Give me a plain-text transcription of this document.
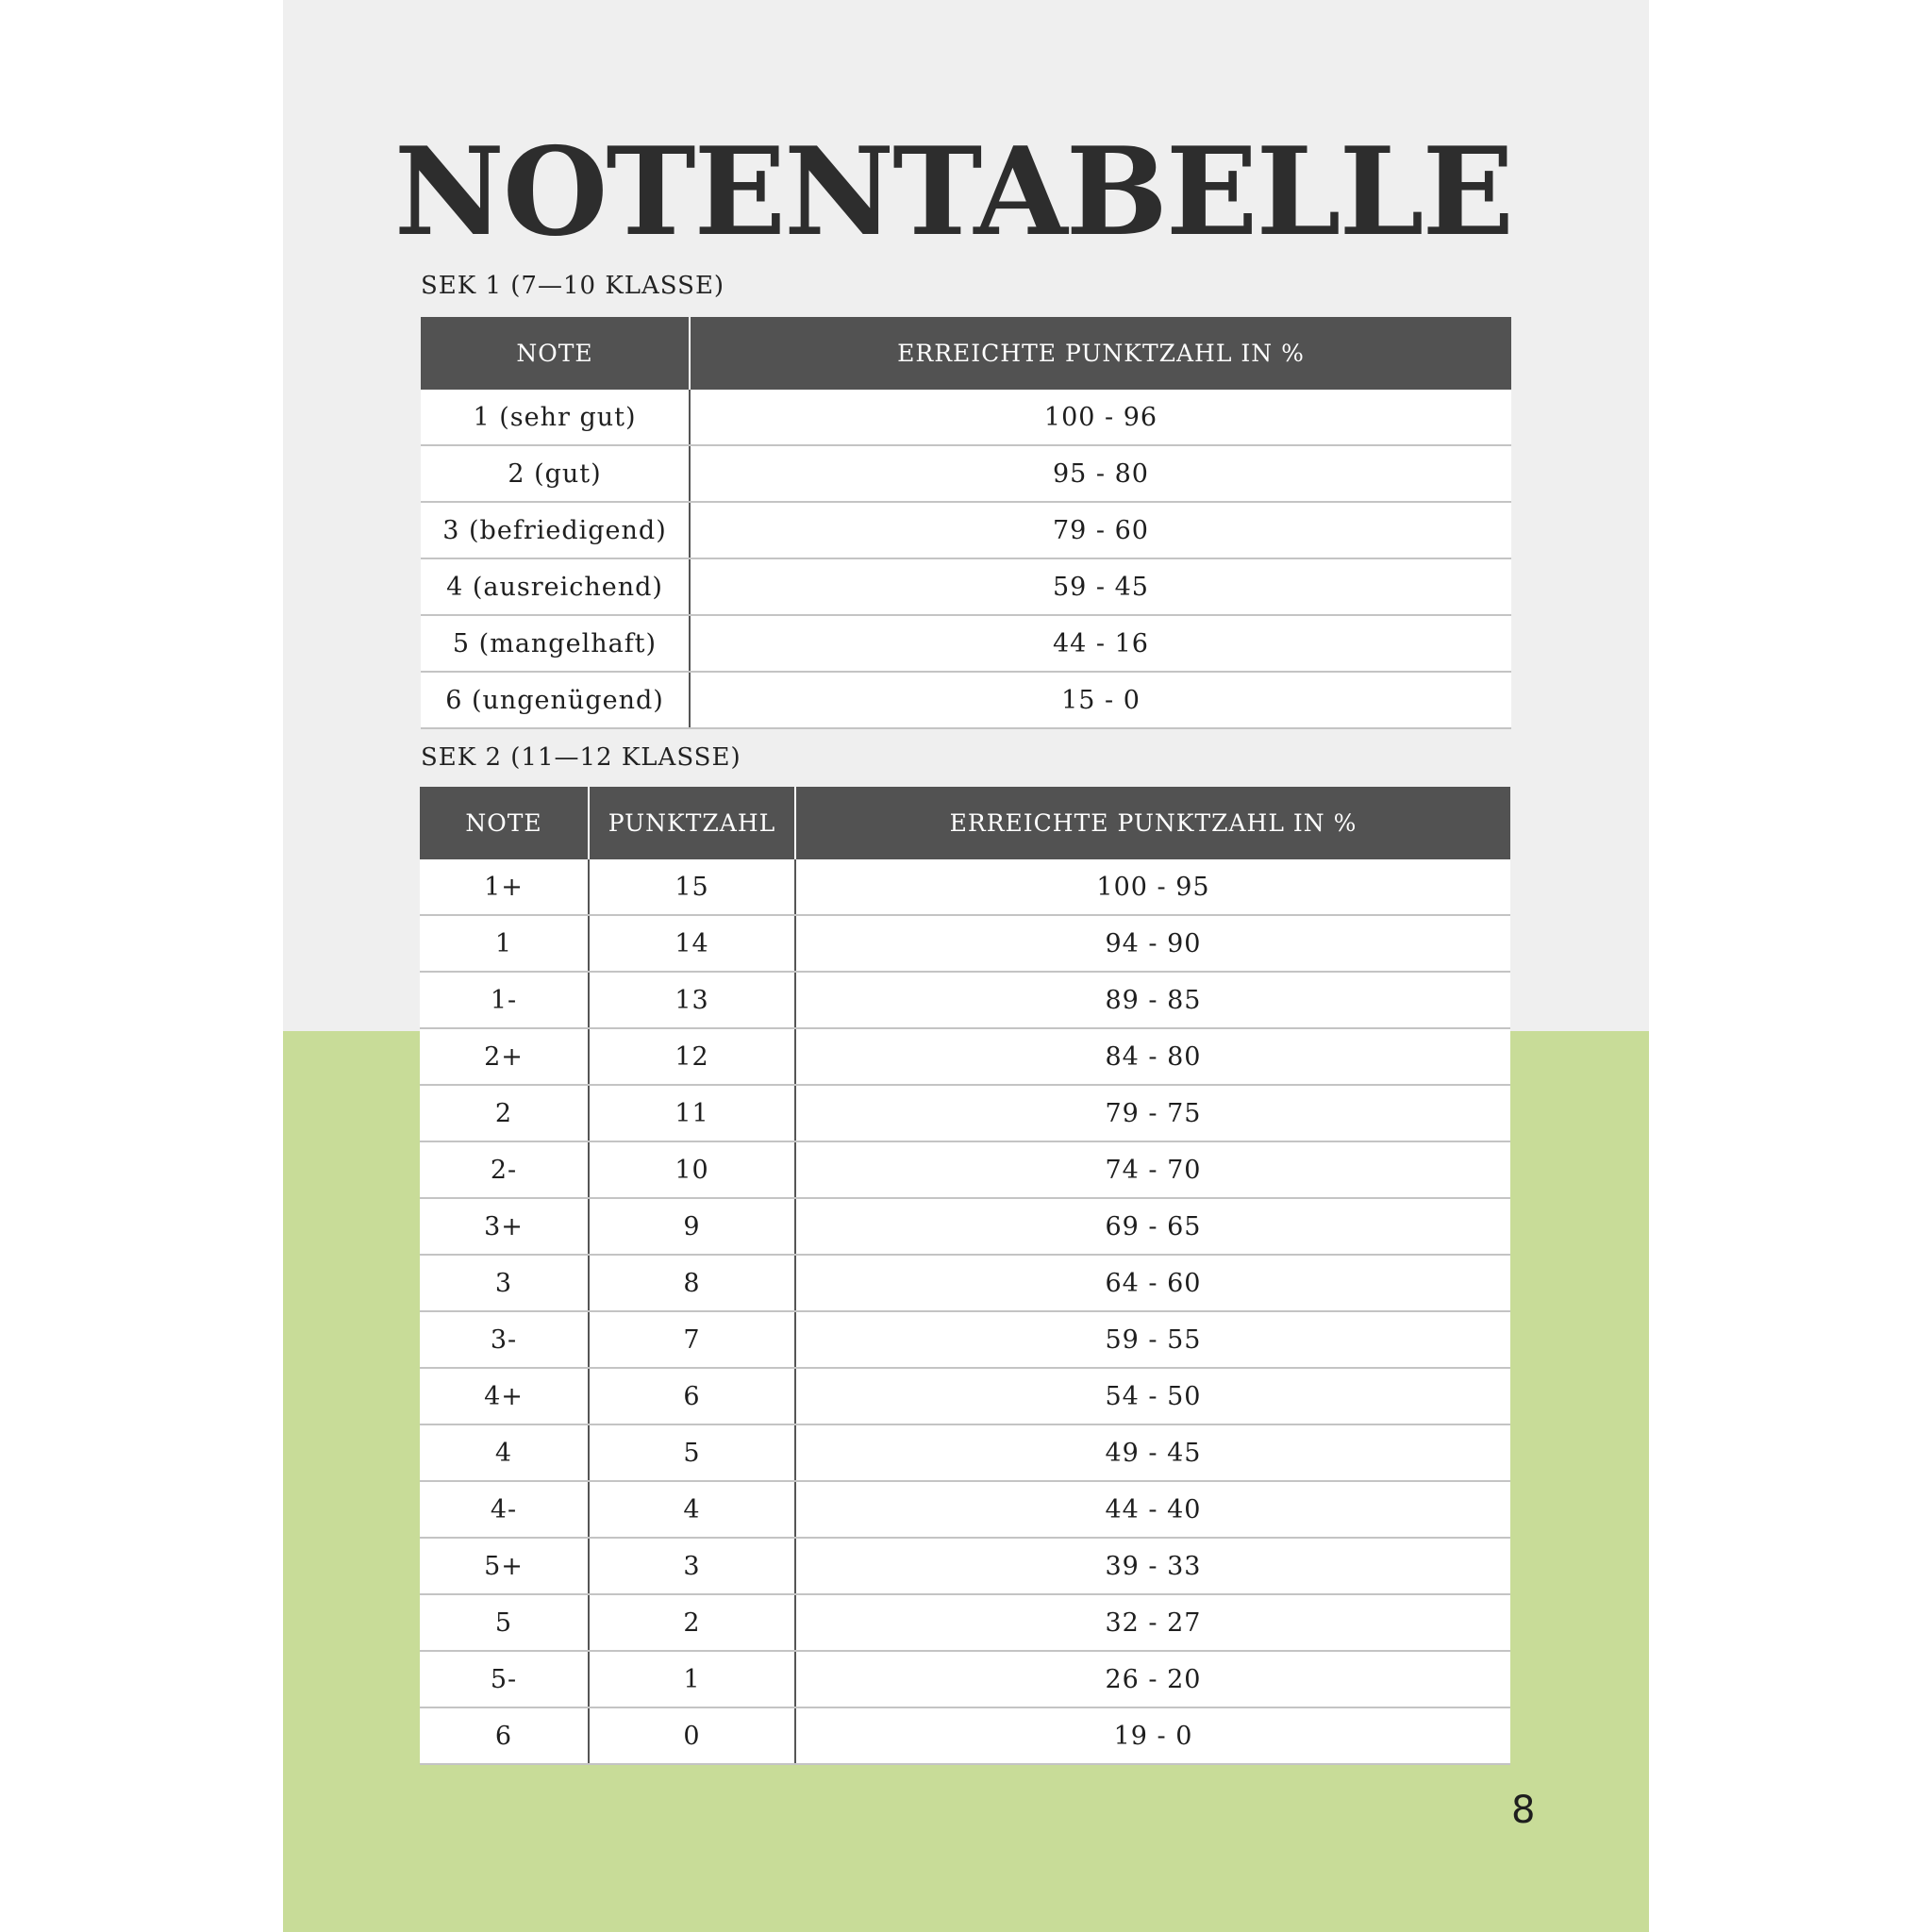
NOTENTABELLE
SEK 1 (7—10 KLASSE)
NOTE	ERREICHTE PUNKTZAHL IN %
1 (sehr gut)	100 - 96
2 (gut)	95 - 80
3 (befriedigend)	79 - 60
4 (ausreichend)	59 - 45
5 (mangelhaft)	44 - 16
6 (ungenügend)	15 - 0
SEK 2 (11—12 KLASSE)
NOTE	PUNKTZAHL	ERREICHTE PUNKTZAHL IN %
1+	15	100 - 95
1	14	94 - 90
1-	13	89 - 85
2+	12	84 - 80
2	11	79 - 75
2-	10	74 - 70
3+	9	69 - 65
3	8	64 - 60
3-	7	59 - 55
4+	6	54 - 50
4	5	49 - 45
4-	4	44 - 40
5+	3	39 - 33
5	2	32 - 27
5-	1	26 - 20
6	0	19 - 0
8
